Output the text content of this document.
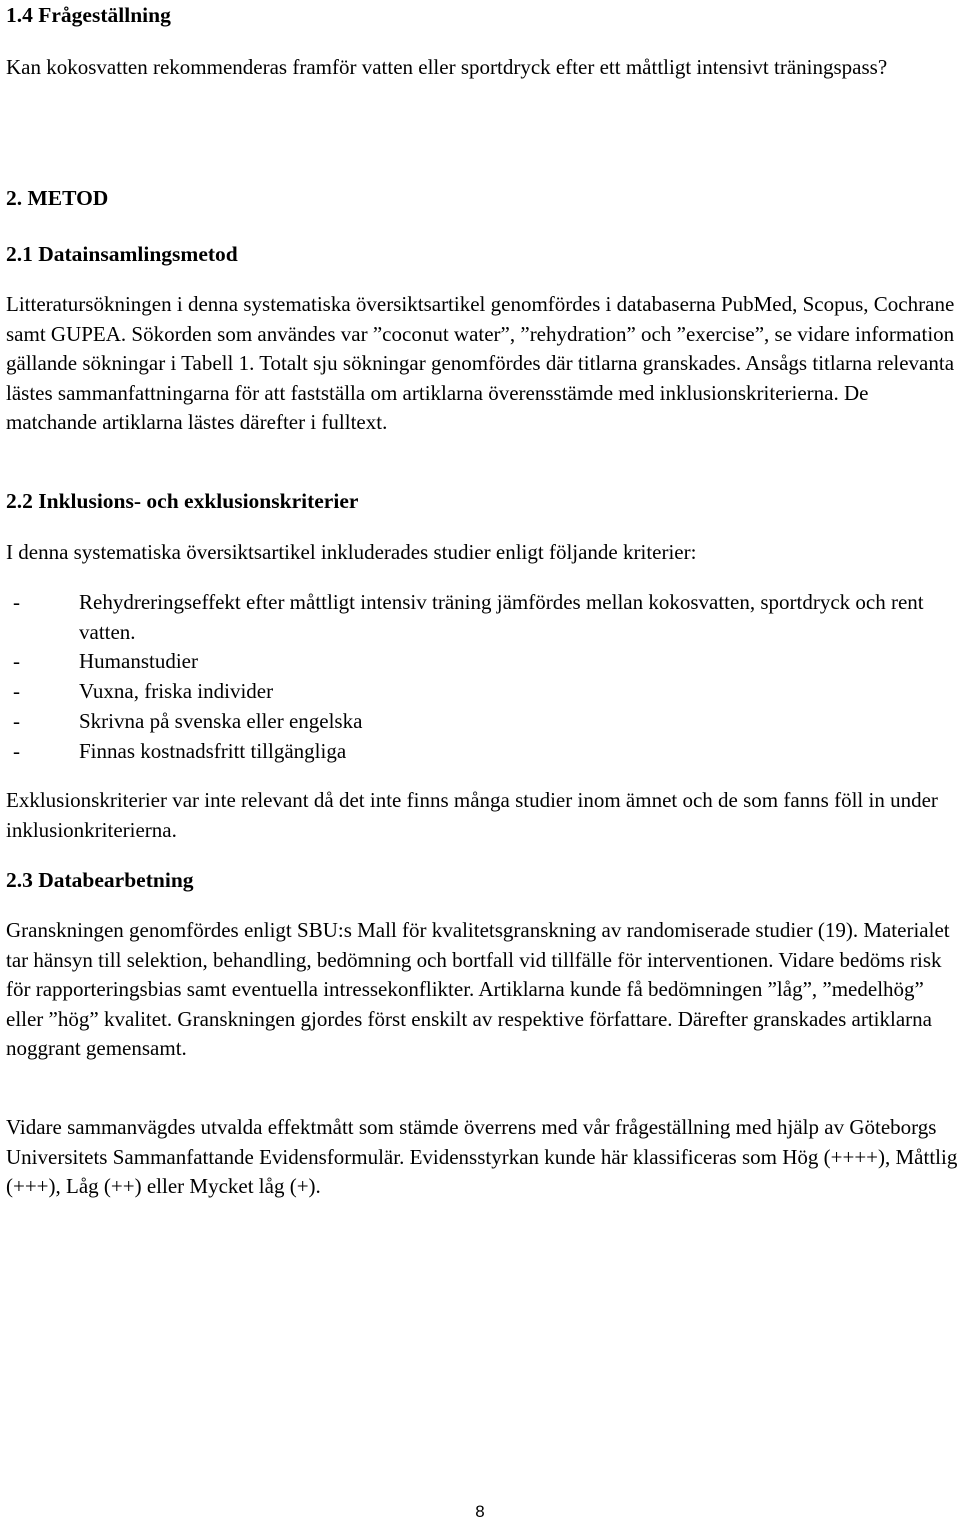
1.4 Frågeställning

Kan kokosvatten rekommenderas framför vatten eller sportdryck efter ett måttligt intensivt träningspass?

2. METOD
2.1 Datainsamlingsmetod

Litteratursökningen i denna systematiska översiktsartikel genomfördes i databaserna PubMed, Scopus, Cochrane samt GUPEA. Sökorden som användes var ”coconut water”, ”rehydration” och ”exercise”, se vidare information gällande sökningar i Tabell 1. Totalt sju sökningar genomfördes där titlarna granskades. Ansågs titlarna relevanta lästes sammanfattningarna för att fastställa om artiklarna överensstämde med inklusionskriterierna. De matchande artiklarna lästes därefter i fulltext.

2.2 Inklusions- och exklusionskriterier

I denna systematiska översiktsartikel inkluderades studier enligt följande kriterier:

-	Rehydreringseffekt efter måttligt intensiv träning jämfördes mellan kokosvatten, sportdryck och rent vatten.
-	Humanstudier
-	Vuxna, friska individer
-	Skrivna på svenska eller engelska
-	Finnas kostnadsfritt tillgängliga

Exklusionskriterier var inte relevant då det inte finns många studier inom ämnet och de som fanns föll in under inklusionkriterierna.

2.3 Databearbetning

Granskningen genomfördes enligt SBU:s Mall för kvalitetsgranskning av randomiserade studier (19). Materialet tar hänsyn till selektion, behandling, bedömning och bortfall vid tillfälle för interventionen. Vidare bedöms risk för rapporteringsbias samt eventuella intressekonflikter. Artiklarna kunde få bedömningen ”låg”, ”medelhög” eller ”hög” kvalitet. Granskningen gjordes först enskilt av respektive författare. Därefter granskades artiklarna noggrant gemensamt.

Vidare sammanvägdes utvalda effektmått som stämde överrens med vår frågeställning med hjälp av Göteborgs Universitets Sammanfattande Evidensformulär. Evidensstyrkan kunde här klassificeras som Hög (++++), Måttlig (+++), Låg (++) eller Mycket låg (+).

8
